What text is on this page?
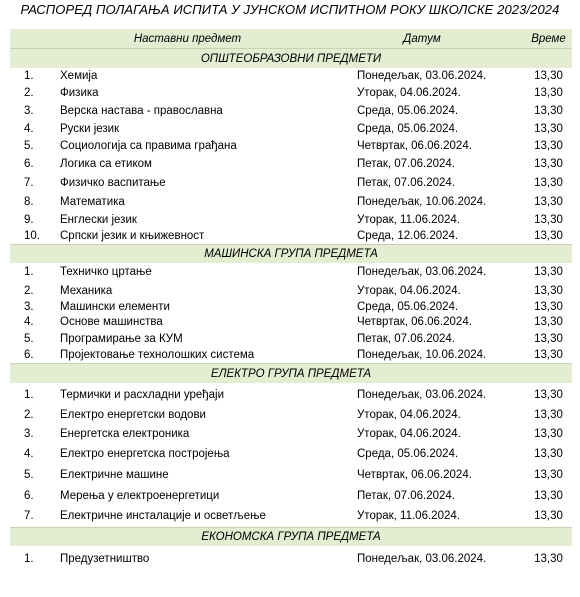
РАСПОРЕД ПОЛАГАЊА ИСПИТА У ЈУНСКОМ ИСПИТНОМ РОКУ ШКОЛСКЕ 2023/2024
	Наставни предмет	Датум	Време
ОПШТЕОБРАЗОВНИ ПРЕДМЕТИ			
1.	Хемија	Понедељак, 03.06.2024.	13,30
2.	Физика	Уторак, 04.06.2024.	13,30
3.	Верска настава - православна	Среда, 05.06.2024.	13,30
4.	Руски језик	Среда, 05.06.2024.	13,30
5.	Социологија са правима грађана	Четвртак, 06.06.2024.	13,30
6.	Логика са етиком	Петак, 07.06.2024.	13,30
7.	Физичко васпитање	Петак, 07.06.2024.	13,30
8.	Математика	Понедељак, 10.06.2024.	13,30
9.	Енглески језик	Уторак, 11.06.2024.	13,30
10.	Српски језик и књижевност	Среда, 12.06.2024.	13,30
МАШИНСКА ГРУПА ПРЕДМЕТА			
1.	Техничко цртање	Понедељак, 03.06.2024.	13,30
2.	Механика	Уторак, 04.06.2024.	13,30
3.	Машински елементи	Среда, 05.06.2024.	13,30
4.	Основе машинства	Четвртак, 06.06.2024.	13,30
5.	Програмирање за КУМ	Петак, 07.06.2024.	13,30
6.	Пројектовање технолошких система	Понедељак, 10.06.2024.	13,30
ЕЛЕКТРО ГРУПА ПРЕДМЕТА			
1.	Термички и расхладни уређаји	Понедељак, 03.06.2024.	13,30
2.	Електро енергетски водови	Уторак, 04.06.2024.	13,30
3.	Енергетска електроника	Уторак, 04.06.2024.	13,30
4.	Електро енергетска постројења	Среда, 05.06.2024.	13,30
5.	Електричне машине	Четвртак, 06.06.2024.	13,30
6.	Мерења у електроенергетици	Петак, 07.06.2024.	13,30
7.	Електричне инсталације и осветљење	Уторак, 11.06.2024.	13,30
ЕКОНОМСКА ГРУПА ПРЕДМЕТА			
1.	Предузетништво	Понедељак, 03.06.2024.	13,30
